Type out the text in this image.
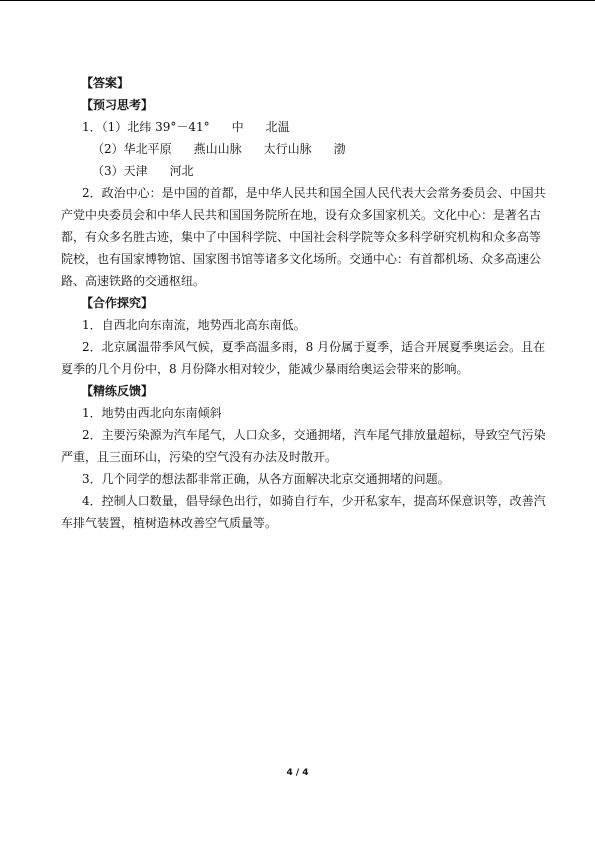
【答案】
【预习思考】
1．（1）北纬 39°－41° 中 北温
（2）华北平原 燕山山脉 太行山脉 渤
（3）天津 河北
2．政治中心：是中国的首都，是中华人民共和国全国人民代表大会常务委员会、中国共
产党中央委员会和中华人民共和国国务院所在地，设有众多国家机关。文化中心：是著名古
都，有众多名胜古迹，集中了中国科学院、中国社会科学院等众多科学研究机构和众多高等
院校，也有国家博物馆、国家图书馆等诸多文化场所。交通中心：有首都机场、众多高速公
路、高速铁路的交通枢纽。
【合作探究】
1．自西北向东南流，地势西北高东南低。
2．北京属温带季风气候，夏季高温多雨，8 月份属于夏季，适合开展夏季奥运会。且在
夏季的几个月份中，8 月份降水相对较少，能减少暴雨给奥运会带来的影响。
【精练反馈】
1．地势由西北向东南倾斜
2．主要污染源为汽车尾气，人口众多，交通拥堵，汽车尾气排放量超标，导致空气污染
严重，且三面环山，污染的空气没有办法及时散开。
3．几个同学的想法都非常正确，从各方面解决北京交通拥堵的问题。
4．控制人口数量，倡导绿色出行，如骑自行车，少开私家车，提高环保意识等，改善汽
车排气装置，植树造林改善空气质量等。
4 / 4
